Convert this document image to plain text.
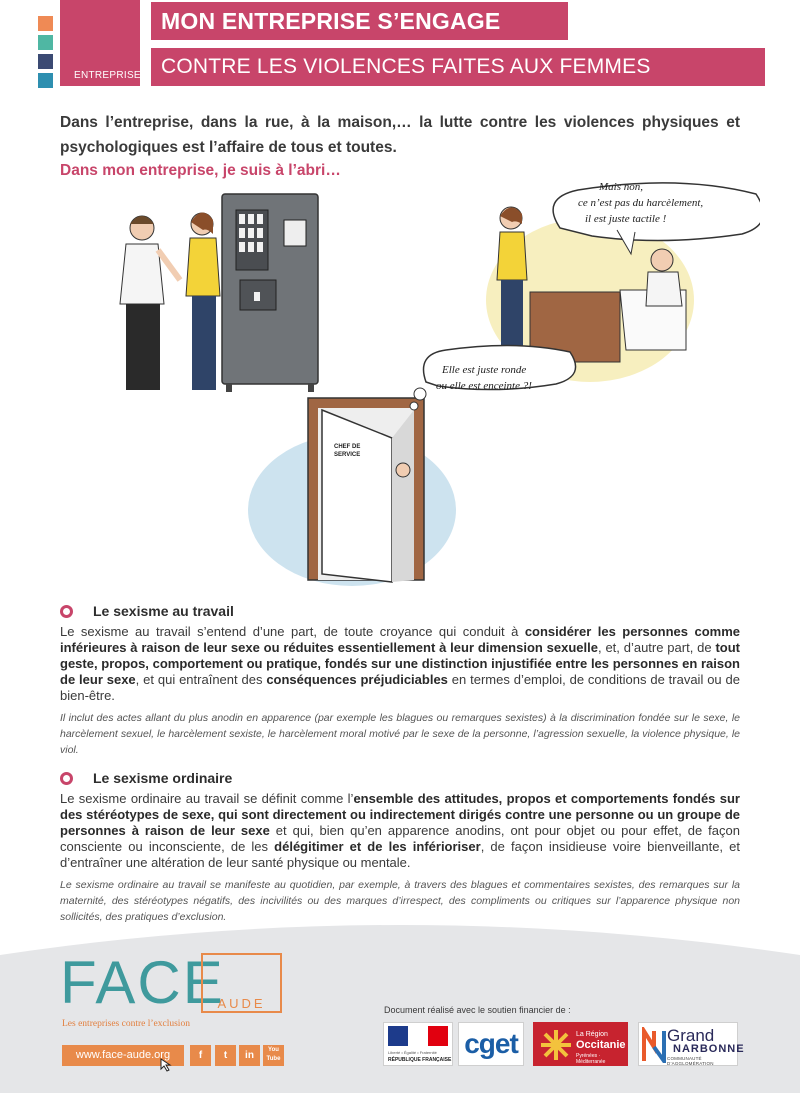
ENTREPRISE
MON ENTREPRISE S’ENGAGE
CONTRE LES VIOLENCES FAITES AUX FEMMES

Dans l’entreprise, dans la rue, à la maison,… la lutte contre les violences physiques et psychologiques est l’affaire de tous et toutes.

Dans mon entreprise, je suis à l’abri…

Mais non, ce n’est pas du harcèlement, il est juste tactile !
CHEF DE SERVICE
Elle est juste ronde ou elle est enceinte ?!
Le sexisme au travail

Le sexisme au travail s’entend d’une part, de toute croyance qui conduit à considérer les personnes comme inférieures à raison de leur sexe ou réduites essentiellement à leur dimension sexuelle, et, d’autre part, de tout geste, propos, comportement ou pratique, fondés sur une distinction injustifiée entre les personnes en raison de leur sexe, et qui entraînent des conséquences préjudiciables en termes d’emploi, de conditions de travail ou de bien-être.

Il inclut des actes allant du plus anodin en apparence (par exemple les blagues ou remarques sexistes) à la discrimination fondée sur le sexe, le harcèlement sexuel, le harcèlement sexiste, le harcèlement moral motivé par le sexe de la personne, l’agression sexuelle, la violence physique, le viol.

Le sexisme ordinaire

Le sexisme ordinaire au travail se définit comme l’ensemble des attitudes, propos et comportements fondés sur des stéréotypes de sexe, qui sont directement ou indirectement dirigés contre une personne ou un groupe de personnes à raison de leur sexe et qui, bien qu’en apparence anodins, ont pour objet ou pour effet, de façon consciente ou inconsciente, de les délégitimer et de les inférioriser, de façon insidieuse voire bienveillante, et d’entraîner une altération de leur santé physique ou mentale.

Le sexisme ordinaire au travail se manifeste au quotidien, par exemple, à travers des blagues et commentaires sexistes, des remarques sur la maternité, des stéréotypes négatifs, des incivilités ou des marques d’irrespect, des compliments ou critiques sur l’apparence physique non sollicités, des pratiques d’exclusion.

FACE
AUDE
Les entreprises contre l’exclusion
www.face-aude.org	f	t	in	You Tube
Document réalisé avec le soutien financier de :
Liberté • Égalité • Fraternité
RÉPUBLIQUE FRANÇAISE
cget	La Région
Occitanie
Pyrénées · Méditerranée
Grand
NARBONNE
COMMUNAUTÉ D’AGGLOMÉRATION
